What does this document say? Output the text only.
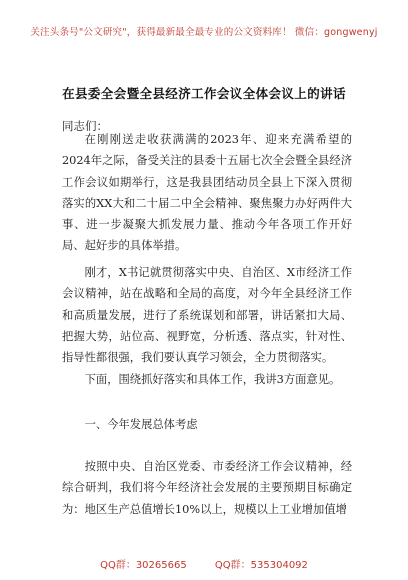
关注头条号"公文研究"，获得最新最全最专业的公文资料库！ 微信：gongwenyj
在县委全会暨全县经济工作会议全体会议上的讲话
同志们：

在刚刚送走收获满满的2023年、迎来充满希望的2024年之际，备受关注的县委十五届七次全会暨全县经济工作会议如期举行，这是我县团结动员全县上下深入贯彻落实的XX大和二十届二中全会精神、聚焦聚力办好两件大事、进一步凝聚大抓发展力量、推动今年各项工作开好局、起好步的具体举措。

刚才，X书记就贯彻落实中央、自治区、X市经济工作会议精神，站在战略和全局的高度，对今年全县经济工作和高质量发展，进行了系统谋划和部署，讲话紧扣大局、把握大势，站位高、视野宽，分析透、落点实，针对性、指导性都很强，我们要认真学习领会，全力贯彻落实。

下面，围绕抓好落实和具体工作，我讲3方面意见。

一、今年发展总体考虑

按照中央、自治区党委、市委经济工作会议精神，经综合研判，我们将今年经济社会发展的主要预期目标确定为：地区生产总值增长10%以上，规模以上工业增加值增

QQ群：30265665	QQ群：535304092
